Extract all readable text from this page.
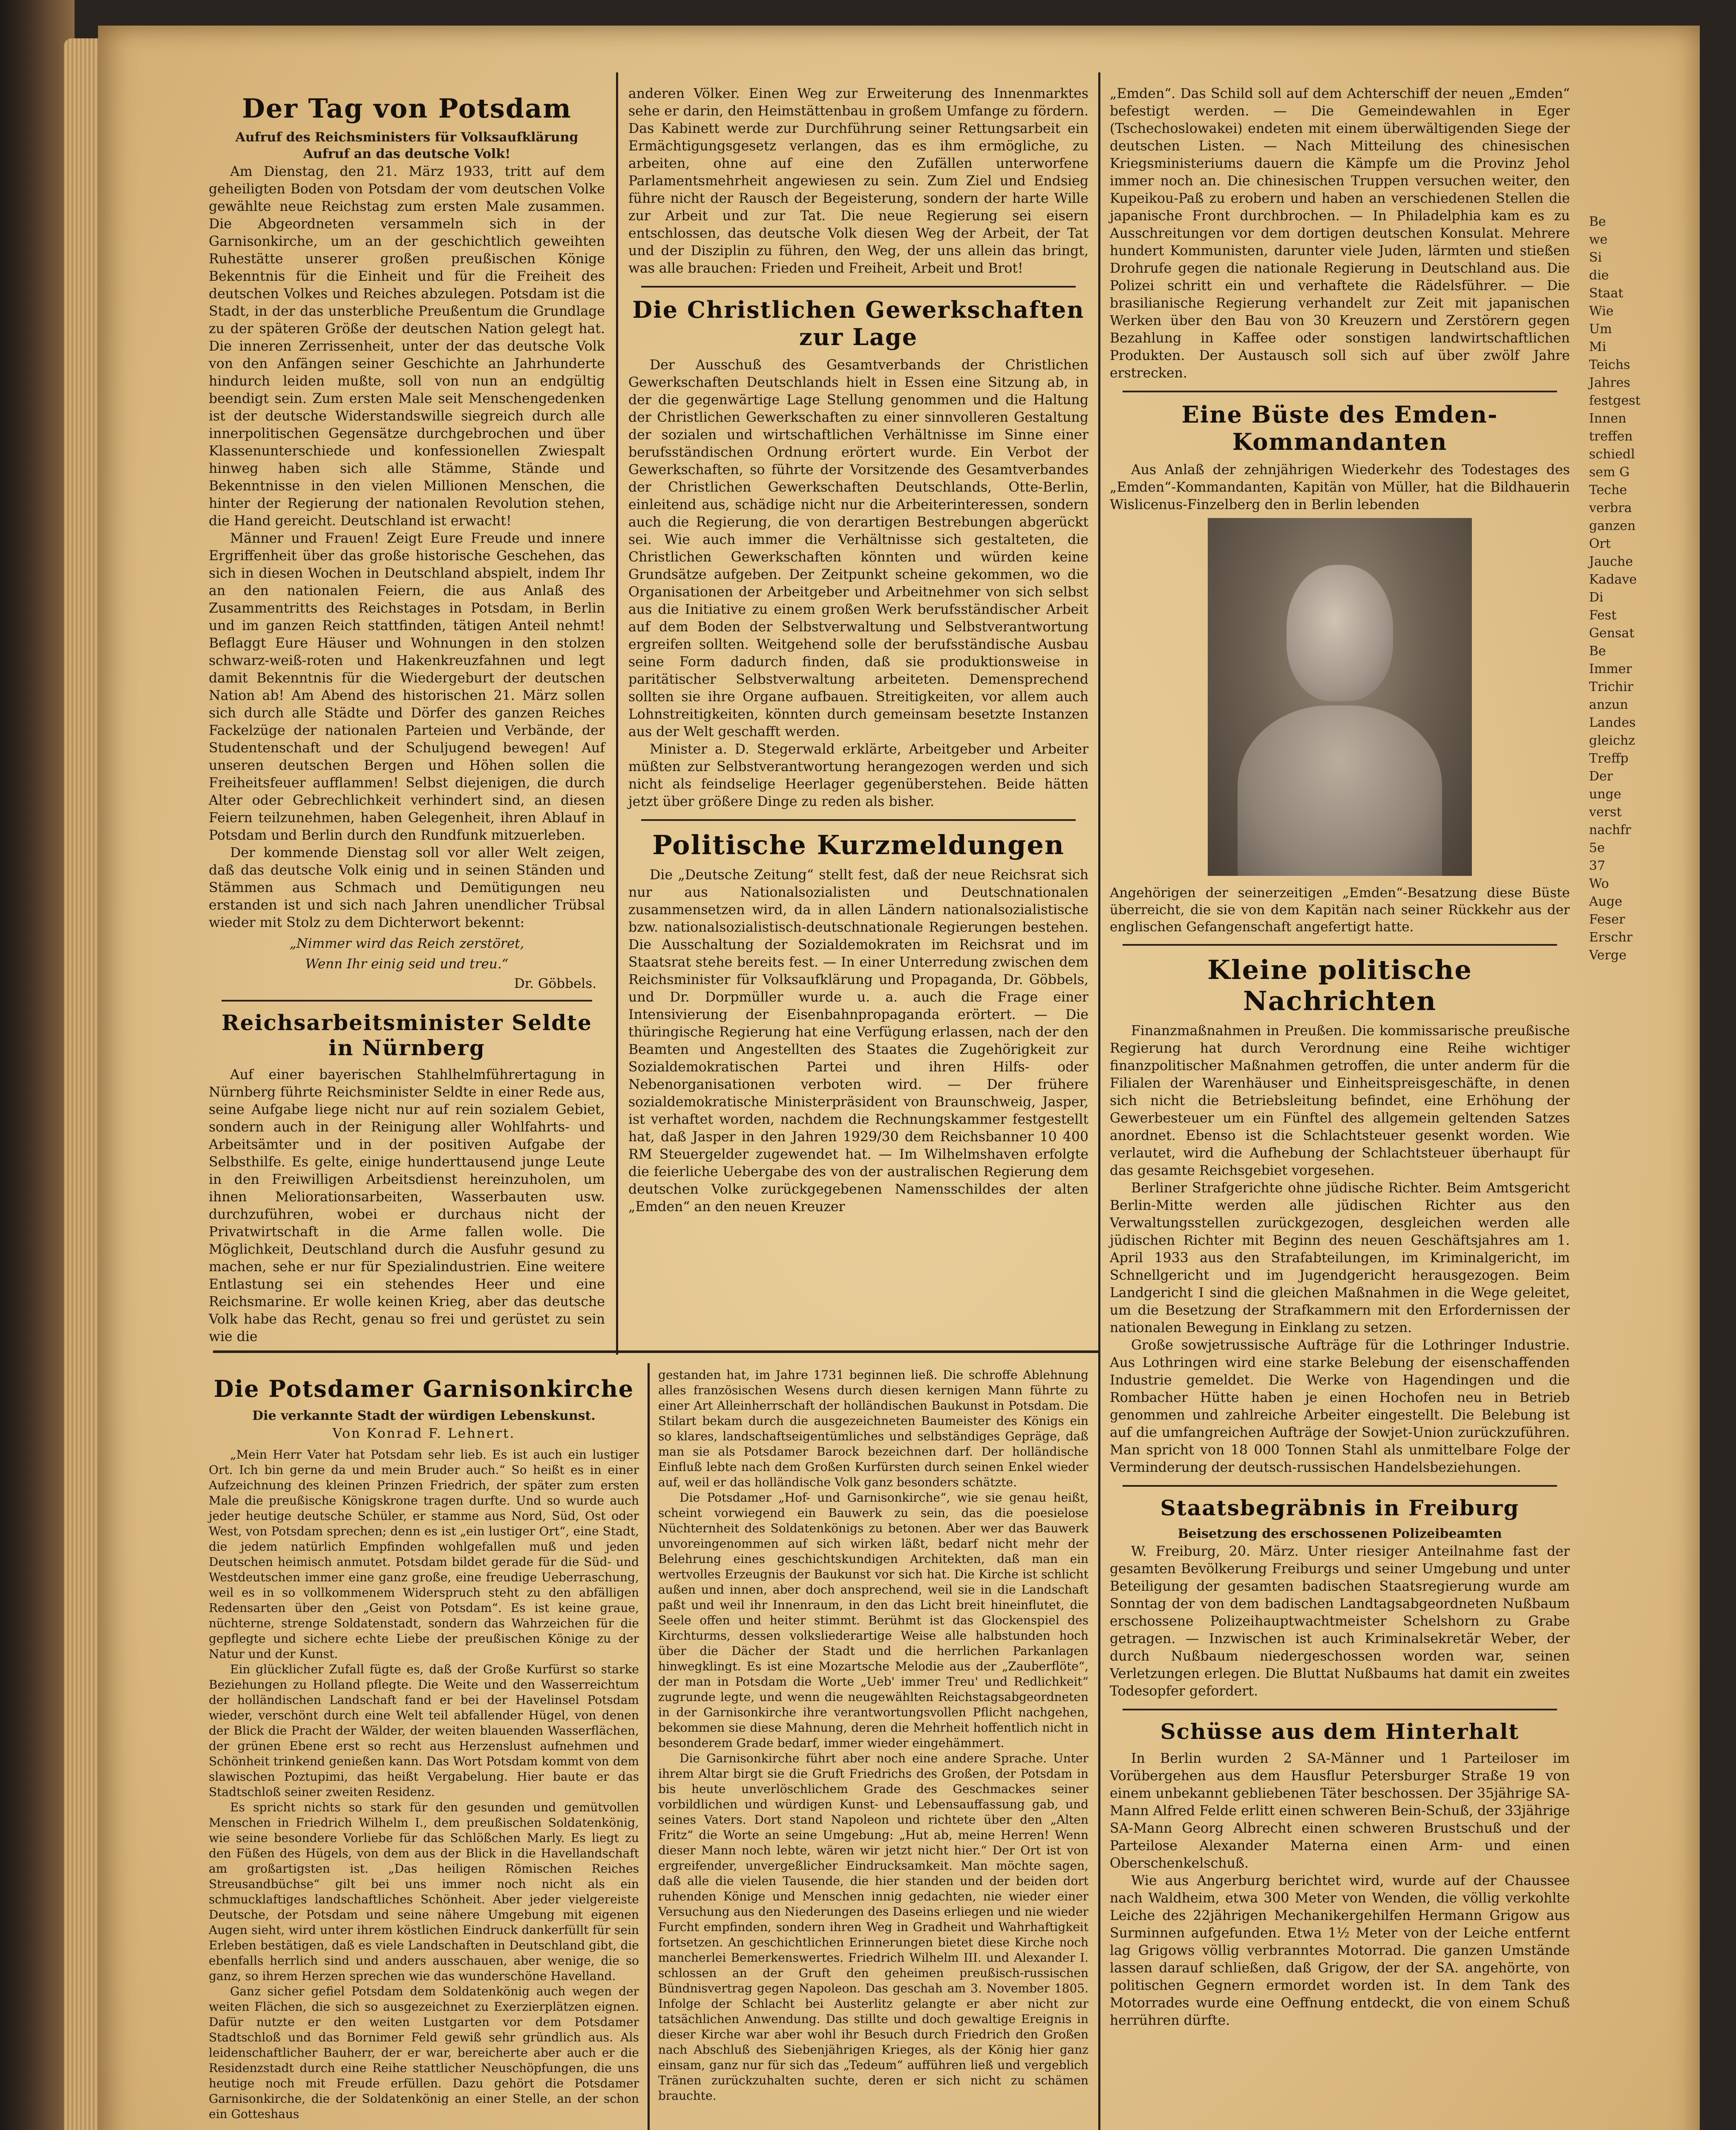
Der Tag von Potsdam
Aufruf des Reichsministers für Volksaufklärung
Aufruf an das deutsche Volk!

Am Dienstag, den 21. März 1933, tritt auf dem geheiligten Boden von Potsdam der vom deutschen Volke gewählte neue Reichstag zum ersten Male zusammen. Die Abgeordneten versammeln sich in der Garnisonkirche, um an der geschichtlich geweihten Ruhestätte unserer großen preußischen Könige Bekenntnis für die Einheit und für die Freiheit des deutschen Volkes und Reiches abzulegen. Potsdam ist die Stadt, in der das unsterbliche Preußentum die Grundlage zu der späteren Größe der deutschen Nation gelegt hat. Die inneren Zerrissenheit, unter der das deutsche Volk von den Anfängen seiner Geschichte an Jahrhunderte hindurch leiden mußte, soll von nun an endgültig beendigt sein. Zum ersten Male seit Menschengedenken ist der deutsche Widerstandswille siegreich durch alle innerpolitischen Gegensätze durchgebrochen und über Klassenunterschiede und konfessionellen Zwiespalt hinweg haben sich alle Stämme, Stände und Bekenntnisse in den vielen Millionen Menschen, die hinter der Regierung der nationalen Revolution stehen, die Hand gereicht. Deutschland ist erwacht!

Männer und Frauen! Zeigt Eure Freude und innere Ergriffenheit über das große historische Geschehen, das sich in diesen Wochen in Deutschland abspielt, indem Ihr an den nationalen Feiern, die aus Anlaß des Zusammentritts des Reichstages in Potsdam, in Berlin und im ganzen Reich stattfinden, tätigen Anteil nehmt! Beflaggt Eure Häuser und Wohnungen in den stolzen schwarz-weiß-roten und Hakenkreuzfahnen und legt damit Bekenntnis für die Wiedergeburt der deutschen Nation ab! Am Abend des historischen 21. März sollen sich durch alle Städte und Dörfer des ganzen Reiches Fackelzüge der nationalen Parteien und Verbände, der Studentenschaft und der Schuljugend bewegen! Auf unseren deutschen Bergen und Höhen sollen die Freiheitsfeuer aufflammen! Selbst diejenigen, die durch Alter oder Gebrechlichkeit verhindert sind, an diesen Feiern teilzunehmen, haben Gelegenheit, ihren Ablauf in Potsdam und Berlin durch den Rundfunk mitzuerleben.

Der kommende Dienstag soll vor aller Welt zeigen, daß das deutsche Volk einig und in seinen Ständen und Stämmen aus Schmach und Demütigungen neu erstanden ist und sich nach Jahren unendlicher Trübsal wieder mit Stolz zu dem Dichterwort bekennt:

„Nimmer wird das Reich zerstöret,
Wenn Ihr einig seid und treu.“
Dr. Göbbels.
Reichsarbeitsminister Seldte in Nürnberg

Auf einer bayerischen Stahlhelmführertagung in Nürnberg führte Reichsminister Seldte in einer Rede aus, seine Aufgabe liege nicht nur auf rein sozialem Gebiet, sondern auch in der Reinigung aller Wohlfahrts- und Arbeitsämter und in der positiven Aufgabe der Selbsthilfe. Es gelte, einige hunderttausend junge Leute in den Freiwilligen Arbeitsdienst hereinzuholen, um ihnen Meliorationsarbeiten, Wasserbauten usw. durchzuführen, wobei er durchaus nicht der Privatwirtschaft in die Arme fallen wolle. Die Möglichkeit, Deutschland durch die Ausfuhr gesund zu machen, sehe er nur für Spezialindustrien. Eine weitere Entlastung sei ein stehendes Heer und eine Reichsmarine. Er wolle keinen Krieg, aber das deutsche Volk habe das Recht, genau so frei und gerüstet zu sein wie die

anderen Völker. Einen Weg zur Erweiterung des Innenmarktes sehe er darin, den Heimstättenbau in großem Umfange zu fördern. Das Kabinett werde zur Durchführung seiner Rettungsarbeit ein Ermächtigungsgesetz verlangen, das es ihm ermögliche, zu arbeiten, ohne auf eine den Zufällen unterworfene Parlamentsmehrheit angewiesen zu sein. Zum Ziel und Endsieg führe nicht der Rausch der Begeisterung, sondern der harte Wille zur Arbeit und zur Tat. Die neue Regierung sei eisern entschlossen, das deutsche Volk diesen Weg der Arbeit, der Tat und der Disziplin zu führen, den Weg, der uns allein das bringt, was alle brauchen: Frieden und Freiheit, Arbeit und Brot!

Die Christlichen Gewerkschaften zur Lage

Der Ausschuß des Gesamtverbands der Christlichen Gewerkschaften Deutschlands hielt in Essen eine Sitzung ab, in der die gegenwärtige Lage Stellung genommen und die Haltung der Christlichen Gewerkschaften zu einer sinnvolleren Gestaltung der sozialen und wirtschaftlichen Verhältnisse im Sinne einer berufsständischen Ordnung erörtert wurde. Ein Verbot der Gewerkschaften, so führte der Vorsitzende des Gesamtverbandes der Christlichen Gewerkschaften Deutschlands, Otte-Berlin, einleitend aus, schädige nicht nur die Arbeiterinteressen, sondern auch die Regierung, die von derartigen Bestrebungen abgerückt sei. Wie auch immer die Verhältnisse sich gestalteten, die Christlichen Gewerkschaften könnten und würden keine Grundsätze aufgeben. Der Zeitpunkt scheine gekommen, wo die Organisationen der Arbeitgeber und Arbeitnehmer von sich selbst aus die Initiative zu einem großen Werk berufsständischer Arbeit auf dem Boden der Selbstverwaltung und Selbstverantwortung ergreifen sollten. Weitgehend solle der berufsständische Ausbau seine Form dadurch finden, daß sie produktionsweise in paritätischer Selbstverwaltung arbeiteten. Demensprechend sollten sie ihre Organe aufbauen. Streitigkeiten, vor allem auch Lohnstreitigkeiten, könnten durch gemeinsam besetzte Instanzen aus der Welt geschafft werden.

Minister a. D. Stegerwald erklärte, Arbeitgeber und Arbeiter müßten zur Selbstverantwortung herangezogen werden und sich nicht als feindselige Heerlager gegenüberstehen. Beide hätten jetzt über größere Dinge zu reden als bisher.

Politische Kurzmeldungen

Die „Deutsche Zeitung“ stellt fest, daß der neue Reichsrat sich nur aus Nationalsozialisten und Deutschnationalen zusammensetzen wird, da in allen Ländern nationalsozialistische bzw. nationalsozialistisch-deutschnationale Regierungen bestehen. Die Ausschaltung der Sozialdemokraten im Reichsrat und im Staatsrat stehe bereits fest. — In einer Unterredung zwischen dem Reichsminister für Volksaufklärung und Propaganda, Dr. Göbbels, und Dr. Dorpmüller wurde u. a. auch die Frage einer Intensivierung der Eisenbahnpropaganda erörtert. — Die thüringische Regierung hat eine Verfügung erlassen, nach der den Beamten und Angestellten des Staates die Zugehörigkeit zur Sozialdemokratischen Partei und ihren Hilfs- oder Nebenorganisationen verboten wird. — Der frühere sozialdemokratische Ministerpräsident von Braunschweig, Jasper, ist verhaftet worden, nachdem die Rechnungskammer festgestellt hat, daß Jasper in den Jahren 1929/30 dem Reichsbanner 10 400 RM Steuergelder zugewendet hat. — Im Wilhelmshaven erfolgte die feierliche Uebergabe des von der australischen Regierung dem deutschen Volke zurückgegebenen Namensschildes der alten „Emden“ an den neuen Kreuzer

„Emden“. Das Schild soll auf dem Achterschiff der neuen „Emden“ befestigt werden. — Die Gemeindewahlen in Eger (Tschechoslowakei) endeten mit einem überwältigenden Siege der deutschen Listen. — Nach Mitteilung des chinesischen Kriegsministeriums dauern die Kämpfe um die Provinz Jehol immer noch an. Die chinesischen Truppen versuchen weiter, den Kupeikou-Paß zu erobern und haben an verschiedenen Stellen die japanische Front durchbrochen. — In Philadelphia kam es zu Ausschreitungen vor dem dortigen deutschen Konsulat. Mehrere hundert Kommunisten, darunter viele Juden, lärmten und stießen Drohrufe gegen die nationale Regierung in Deutschland aus. Die Polizei schritt ein und verhaftete die Rädelsführer. — Die brasilianische Regierung verhandelt zur Zeit mit japanischen Werken über den Bau von 30 Kreuzern und Zerstörern gegen Bezahlung in Kaffee oder sonstigen landwirtschaftlichen Produkten. Der Austausch soll sich auf über zwölf Jahre erstrecken.

Eine Büste des Emden-Kommandanten

Aus Anlaß der zehnjährigen Wiederkehr des Todestages des „Emden“-Kommandanten, Kapitän von Müller, hat die Bildhauerin Wislicenus-Finzelberg den in Berlin lebenden

Angehörigen der seinerzeitigen „Emden“-Besatzung diese Büste überreicht, die sie von dem Kapitän nach seiner Rückkehr aus der englischen Gefangenschaft angefertigt hatte.

Kleine politische Nachrichten

Finanzmaßnahmen in Preußen. Die kommissarische preußische Regierung hat durch Verordnung eine Reihe wichtiger finanzpolitischer Maßnahmen getroffen, die unter anderm für die Filialen der Warenhäuser und Einheitspreisgeschäfte, in denen sich nicht die Betriebsleitung befindet, eine Erhöhung der Gewerbesteuer um ein Fünftel des allgemein geltenden Satzes anordnet. Ebenso ist die Schlachtsteuer gesenkt worden. Wie verlautet, wird die Aufhebung der Schlachtsteuer überhaupt für das gesamte Reichsgebiet vorgesehen.

Berliner Strafgerichte ohne jüdische Richter. Beim Amtsgericht Berlin-Mitte werden alle jüdischen Richter aus den Verwaltungsstellen zurückgezogen, desgleichen werden alle jüdischen Richter mit Beginn des neuen Geschäftsjahres am 1. April 1933 aus den Strafabteilungen, im Kriminalgericht, im Schnellgericht und im Jugendgericht herausgezogen. Beim Landgericht I sind die gleichen Maßnahmen in die Wege geleitet, um die Besetzung der Strafkammern mit den Erfordernissen der nationalen Bewegung in Einklang zu setzen.

Große sowjetrussische Aufträge für die Lothringer Industrie. Aus Lothringen wird eine starke Belebung der eisenschaffenden Industrie gemeldet. Die Werke von Hagendingen und die Rombacher Hütte haben je einen Hochofen neu in Betrieb genommen und zahlreiche Arbeiter eingestellt. Die Belebung ist auf die umfangreichen Aufträge der Sowjet-Union zurückzuführen. Man spricht von 18 000 Tonnen Stahl als unmittelbare Folge der Verminderung der deutsch-russischen Handelsbeziehungen.

Staatsbegräbnis in Freiburg
Beisetzung des erschossenen Polizeibeamten

W. Freiburg, 20. März. Unter riesiger Anteilnahme fast der gesamten Bevölkerung Freiburgs und seiner Umgebung und unter Beteiligung der gesamten badischen Staatsregierung wurde am Sonntag der von dem badischen Landtagsabgeordneten Nußbaum erschossene Polizeihauptwachtmeister Schelshorn zu Grabe getragen. — Inzwischen ist auch Kriminalsekretär Weber, der durch Nußbaum niedergeschossen worden war, seinen Verletzungen erlegen. Die Bluttat Nußbaums hat damit ein zweites Todesopfer gefordert.

Schüsse aus dem Hinterhalt

In Berlin wurden 2 SA-Männer und 1 Parteiloser im Vorübergehen aus dem Hausflur Petersburger Straße 19 von einem unbekannt gebliebenen Täter beschossen. Der 35jährige SA-Mann Alfred Felde erlitt einen schweren Bein-Schuß, der 33jährige SA-Mann Georg Albrecht einen schweren Brustschuß und der Parteilose Alexander Materna einen Arm- und einen Oberschenkelschuß.

Wie aus Angerburg berichtet wird, wurde auf der Chaussee nach Waldheim, etwa 300 Meter von Wenden, die völlig verkohlte Leiche des 22jährigen Mechanikergehilfen Hermann Grigow aus Surminnen aufgefunden. Etwa 1½ Meter von der Leiche entfernt lag Grigows völlig verbranntes Motorrad. Die ganzen Umstände lassen darauf schließen, daß Grigow, der der SA. angehörte, von politischen Gegnern ermordet worden ist. In dem Tank des Motorrades wurde eine Oeffnung entdeckt, die von einem Schuß herrühren dürfte.

Die Potsdamer Garnisonkirche
Die verkannte Stadt der würdigen Lebenskunst.
Von Konrad F. Lehnert.

„Mein Herr Vater hat Potsdam sehr lieb. Es ist auch ein lustiger Ort. Ich bin gerne da und mein Bruder auch.“ So heißt es in einer Aufzeichnung des kleinen Prinzen Friedrich, der später zum ersten Male die preußische Königskrone tragen durfte. Und so wurde auch jeder heutige deutsche Schüler, er stamme aus Nord, Süd, Ost oder West, von Potsdam sprechen; denn es ist „ein lustiger Ort“, eine Stadt, die jedem natürlich Empfinden wohlgefallen muß und jeden Deutschen heimisch anmutet. Potsdam bildet gerade für die Süd- und Westdeutschen immer eine ganz große, eine freudige Ueberraschung, weil es in so vollkommenem Widerspruch steht zu den abfälligen Redensarten über den „Geist von Potsdam“. Es ist keine graue, nüchterne, strenge Soldatenstadt, sondern das Wahrzeichen für die gepflegte und sichere echte Liebe der preußischen Könige zu der Natur und der Kunst.

Ein glücklicher Zufall fügte es, daß der Große Kurfürst so starke Beziehungen zu Holland pflegte. Die Weite und den Wasserreichtum der holländischen Landschaft fand er bei der Havelinsel Potsdam wieder, verschönt durch eine Welt teil abfallender Hügel, von denen der Blick die Pracht der Wälder, der weiten blauenden Wasserflächen, der grünen Ebene erst so recht aus Herzenslust aufnehmen und Schönheit trinkend genießen kann. Das Wort Potsdam kommt von dem slawischen Poztupimi, das heißt Vergabelung. Hier baute er das Stadtschloß seiner zweiten Residenz.

Es spricht nichts so stark für den gesunden und gemütvollen Menschen in Friedrich Wilhelm I., dem preußischen Soldatenkönig, wie seine besondere Vorliebe für das Schlößchen Marly. Es liegt zu den Füßen des Hügels, von dem aus der Blick in die Havellandschaft am großartigsten ist. „Das heiligen Römischen Reiches Streusandbüchse“ gilt bei uns immer noch nicht als ein schmucklaftiges landschaftliches Schönheit. Aber jeder vielgereiste Deutsche, der Potsdam und seine nähere Umgebung mit eigenen Augen sieht, wird unter ihrem köstlichen Eindruck dankerfüllt für sein Erleben bestätigen, daß es viele Landschaften in Deutschland gibt, die ebenfalls herrlich sind und anders ausschauen, aber wenige, die so ganz, so ihrem Herzen sprechen wie das wunderschöne Havelland.

Ganz sicher gefiel Potsdam dem Soldatenkönig auch wegen der weiten Flächen, die sich so ausgezeichnet zu Exerzierplätzen eignen. Dafür nutzte er den weiten Lustgarten vor dem Potsdamer Stadtschloß und das Bornimer Feld gewiß sehr gründlich aus. Als leidenschaftlicher Bauherr, der er war, bereicherte aber auch er die Residenzstadt durch eine Reihe stattlicher Neuschöpfungen, die uns heutige noch mit Freude erfüllen. Dazu gehört die Potsdamer Garnisonkirche, die der Soldatenkönig an einer Stelle, an der schon ein Gotteshaus

gestanden hat, im Jahre 1731 beginnen ließ. Die schroffe Ablehnung alles französischen Wesens durch diesen kernigen Mann führte zu einer Art Alleinherrschaft der holländischen Baukunst in Potsdam. Die Stilart bekam durch die ausgezeichneten Baumeister des Königs ein so klares, landschaftseigentümliches und selbständiges Gepräge, daß man sie als Potsdamer Barock bezeichnen darf. Der holländische Einfluß lebte nach dem Großen Kurfürsten durch seinen Enkel wieder auf, weil er das holländische Volk ganz besonders schätzte.

Die Potsdamer „Hof- und Garnisonkirche“, wie sie genau heißt, scheint vorwiegend ein Bauwerk zu sein, das die poesielose Nüchternheit des Soldatenkönigs zu betonen. Aber wer das Bauwerk unvoreingenommen auf sich wirken läßt, bedarf nicht mehr der Belehrung eines geschichtskundigen Architekten, daß man ein wertvolles Erzeugnis der Baukunst vor sich hat. Die Kirche ist schlicht außen und innen, aber doch ansprechend, weil sie in die Landschaft paßt und weil ihr Innenraum, in den das Licht breit hineinflutet, die Seele offen und heiter stimmt. Berühmt ist das Glockenspiel des Kirchturms, dessen volksliederartige Weise alle halbstunden hoch über die Dächer der Stadt und die herrlichen Parkanlagen hinwegklingt. Es ist eine Mozartsche Melodie aus der „Zauberflöte“, der man in Potsdam die Worte „Ueb' immer Treu' und Redlichkeit“ zugrunde legte, und wenn die neugewählten Reichstagsabgeordneten in der Garnisonkirche ihre verantwortungsvollen Pflicht nachgehen, bekommen sie diese Mahnung, deren die Mehrheit hoffentlich nicht in besonderem Grade bedarf, immer wieder eingehämmert.

Die Garnisonkirche führt aber noch eine andere Sprache. Unter ihrem Altar birgt sie die Gruft Friedrichs des Großen, der Potsdam in bis heute unverlöschlichem Grade des Geschmackes seiner vorbildlichen und würdigen Kunst- und Lebensauffassung gab, und seines Vaters. Dort stand Napoleon und richtete über den „Alten Fritz“ die Worte an seine Umgebung: „Hut ab, meine Herren! Wenn dieser Mann noch lebte, wären wir jetzt nicht hier.“ Der Ort ist von ergreifender, unvergeßlicher Eindrucksamkeit. Man möchte sagen, daß alle die vielen Tausende, die hier standen und der beiden dort ruhenden Könige und Menschen innig gedachten, nie wieder einer Versuchung aus den Niederungen des Daseins erliegen und nie wieder Furcht empfinden, sondern ihren Weg in Gradheit und Wahrhaftigkeit fortsetzen. An geschichtlichen Erinnerungen bietet diese Kirche noch mancherlei Bemerkenswertes. Friedrich Wilhelm III. und Alexander I. schlossen an der Gruft den geheimen preußisch-russischen Bündnisvertrag gegen Napoleon. Das geschah am 3. November 1805. Infolge der Schlacht bei Austerlitz gelangte er aber nicht zur tatsächlichen Anwendung. Das stillte und doch gewaltige Ereignis in dieser Kirche war aber wohl ihr Besuch durch Friedrich den Großen nach Abschluß des Siebenjährigen Krieges, als der König hier ganz einsam, ganz nur für sich das „Tedeum“ aufführen ließ und vergeblich Tränen zurückzuhalten suchte, deren er sich nicht zu schämen brauchte.

Be
we
Si
die
Staat
Wie
Um
Mi
Teichs
Jahres
festgest
Innen
treffen
schiedl
sem G
Teche
verbra
ganzen
Ort
Jauche
Kadave
Di
Fest
Gensat
Be
Immer
Trichir
anzun
Landes
gleichz
Treffp
Der
unge
verst
nachfr
5e
37
Wo
Auge
Feser
Erschr
Verge
